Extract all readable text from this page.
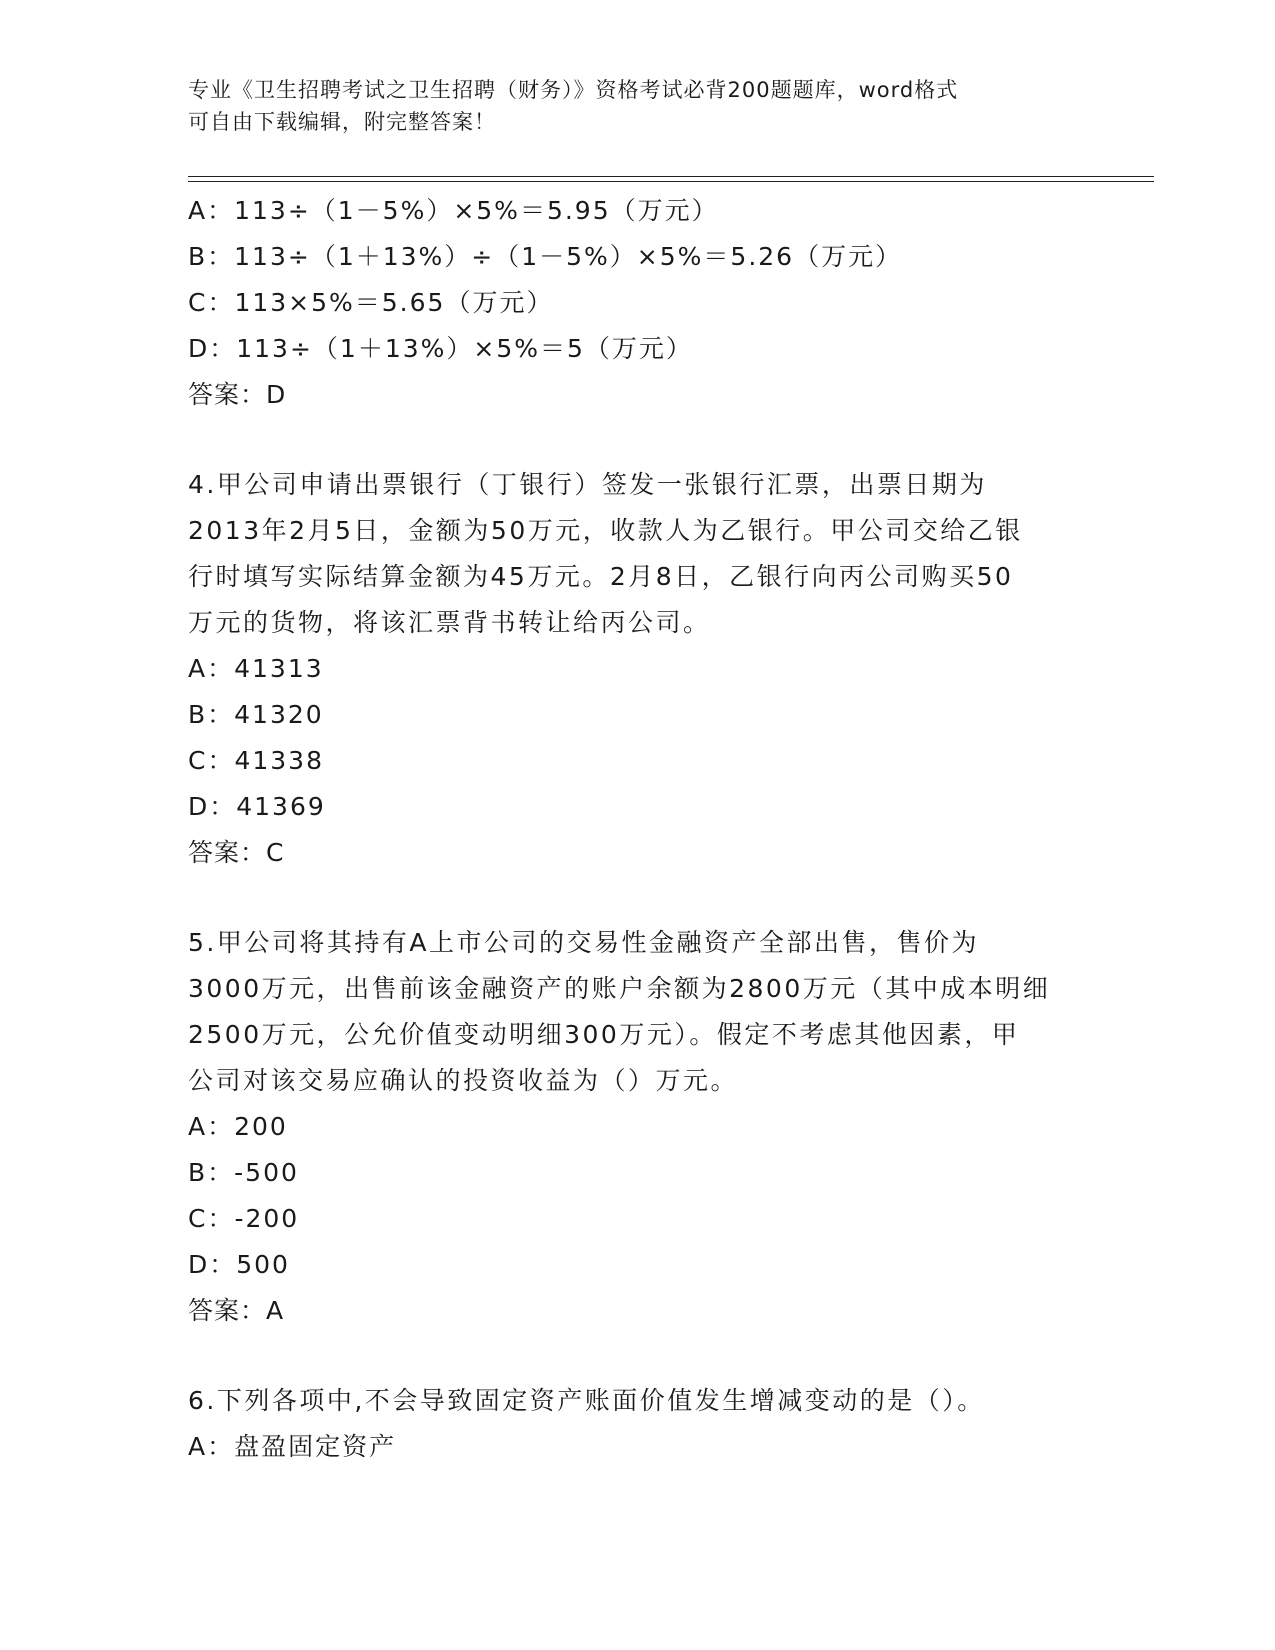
专业《卫生招聘考试之卫生招聘（财务）》资格考试必背200题题库，word格式
可自由下载编辑，附完整答案！
A：113÷（1－5%）×5%＝5.95（万元）
B：113÷（1＋13%）÷（1－5%）×5%＝5.26（万元）
C：113×5%＝5.65（万元）
D：113÷（1＋13%）×5%＝5（万元）
答案：D
4.甲公司申请出票银行（丁银行）签发一张银行汇票，出票日期为
2013年2月5日，金额为50万元，收款人为乙银行。甲公司交给乙银
行时填写实际结算金额为45万元。2月8日，乙银行向丙公司购买50
万元的货物，将该汇票背书转让给丙公司。
A：41313
B：41320
C：41338
D：41369
答案：C
5.甲公司将其持有A上市公司的交易性金融资产全部出售，售价为
3000万元，出售前该金融资产的账户余额为2800万元（其中成本明细
2500万元，公允价值变动明细300万元）。假定不考虑其他因素，甲
公司对该交易应确认的投资收益为（）万元。
A：200
B：-500
C：-200
D：500
答案：A
6.下列各项中,不会导致固定资产账面价值发生增减变动的是（）。
A：盘盈固定资产
